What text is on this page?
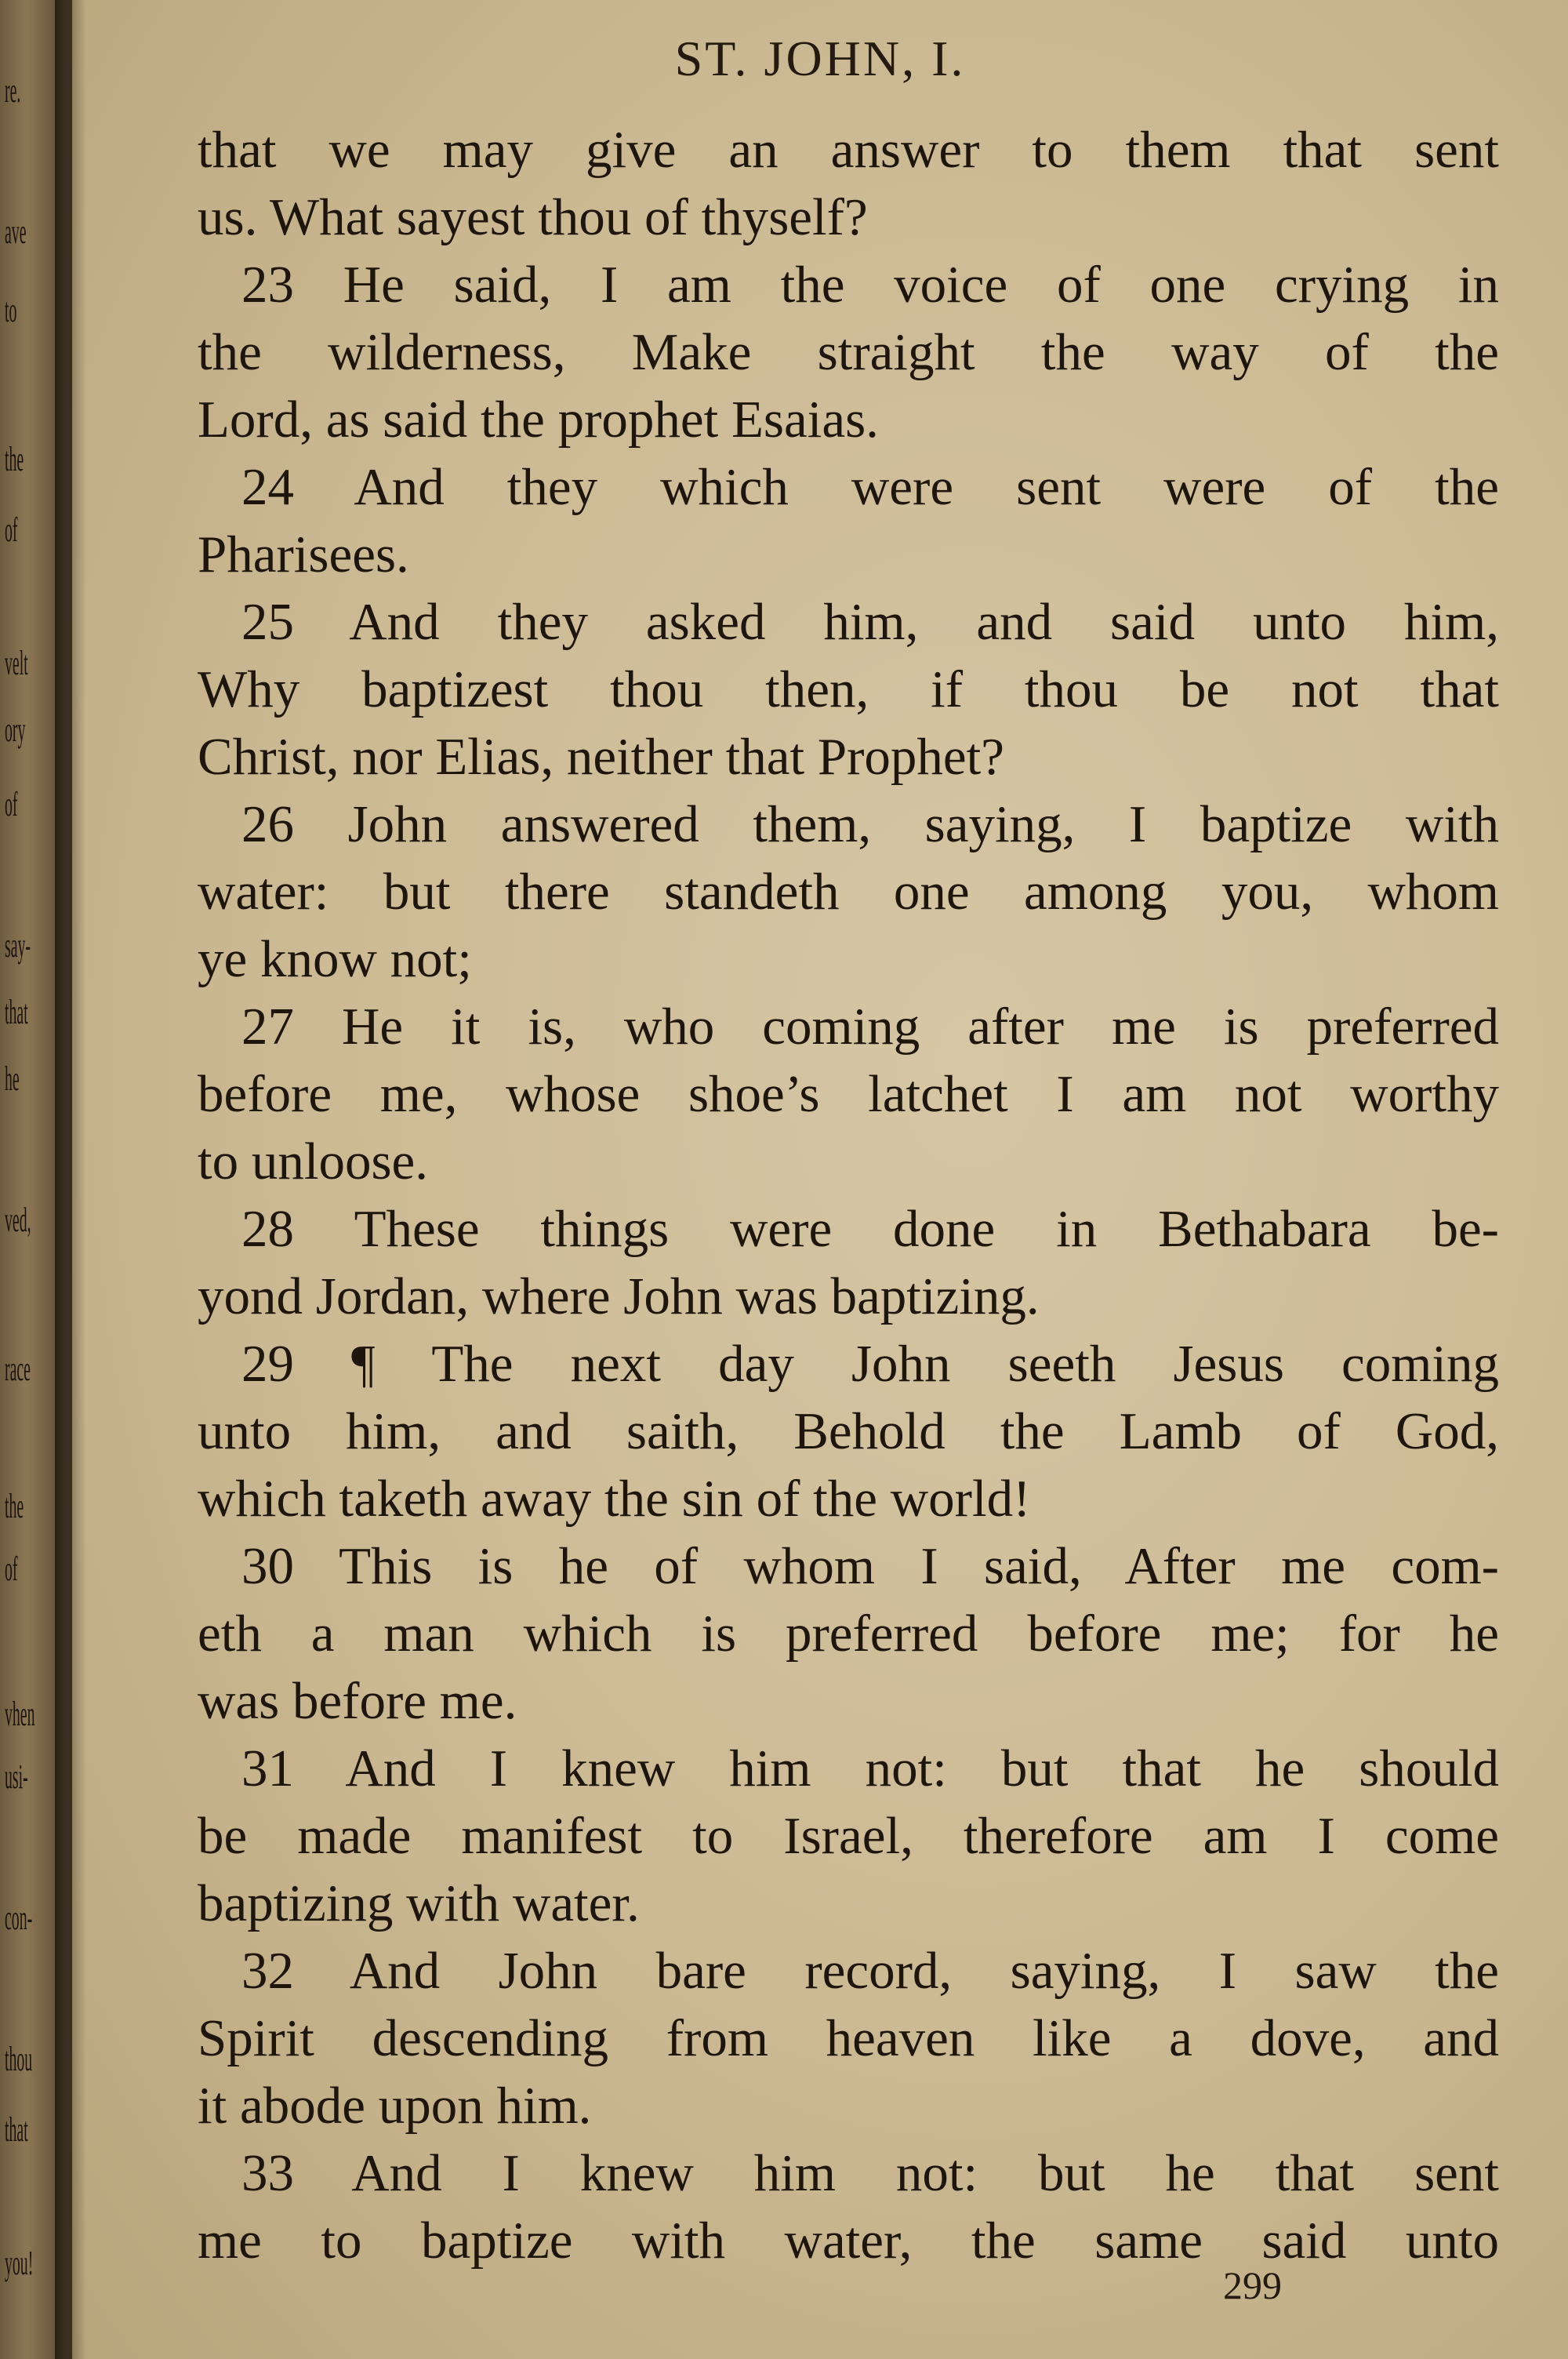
re.
ave
to
the
of
velt
ory
of
say-
that
he
ved,
race
the
of
vhen
usi-
con-
thou
that
you!
ST. JOHN, I.
that we may give an answer to them that sent
us. What sayest thou of thyself?
23 He said, I am the voice of one crying in
the wilderness, Make straight the way of the
Lord, as said the prophet Esaias.
24 And they which were sent were of the
Pharisees.
25 And they asked him, and said unto him,
Why baptizest thou then, if thou be not that
Christ, nor Elias, neither that Prophet?
26 John answered them, saying, I baptize with
water: but there standeth one among you, whom
ye know not;
27 He it is, who coming after me is preferred
before me, whose shoe’s latchet I am not worthy
to unloose.
28 These things were done in Bethabara be-
yond Jordan, where John was baptizing.
29 ¶ The next day John seeth Jesus coming
unto him, and saith, Behold the Lamb of God,
which taketh away the sin of the world!
30 This is he of whom I said, After me com-
eth a man which is preferred before me; for he
was before me.
31 And I knew him not: but that he should
be made manifest to Israel, therefore am I come
baptizing with water.
32 And John bare record, saying, I saw the
Spirit descending from heaven like a dove, and
it abode upon him.
33 And I knew him not: but he that sent
me to baptize with water, the same said unto
299
